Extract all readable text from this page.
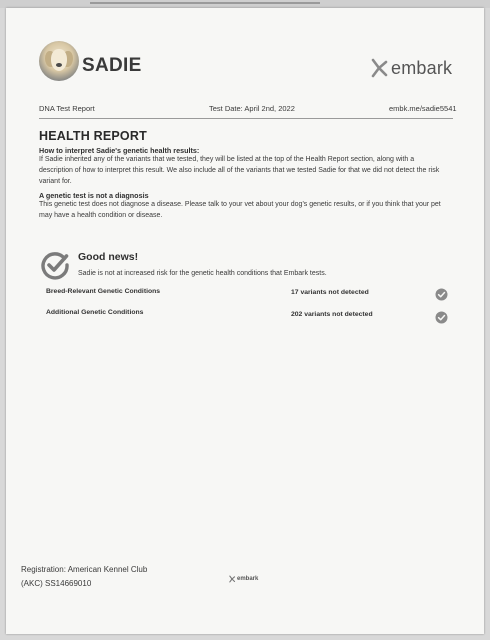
SADIE	embark
DNA Test Report	Test Date: April 2nd, 2022	embk.me/sadie5541
HEALTH REPORT
How to interpret Sadie's genetic health results:
If Sadie inherited any of the variants that we tested, they will be listed at the top of the Health Report section, along with a
description of how to interpret this result. We also include all of the variants that we tested Sadie for that we did not detect the risk
variant for.
A genetic test is not a diagnosis
This genetic test does not diagnose a disease. Please talk to your vet about your dog's genetic results, or if you think that your pet
may have a health condition or disease.
Good news!
Sadie is not at increased risk for the genetic health conditions that Embark tests.
Breed-Relevant Genetic Conditions	17 variants not detected
Additional Genetic Conditions	202 variants not detected
Registration: American Kennel Club
(AKC) SS14669010	embark
